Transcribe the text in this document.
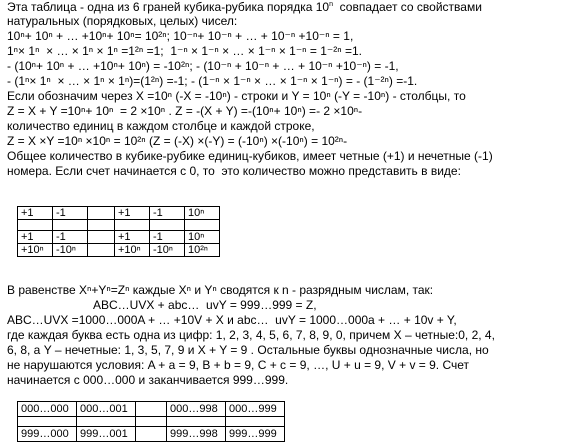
Эта таблица - одна из 6 граней кубика-рубика порядка 10$^n$  совпадает со свойствами
натуральных (порядковых, целых) чисел:
10ⁿ+ 10ⁿ + … +10ⁿ+ 10ⁿ= 10²ⁿ; 10⁻ⁿ+ 10⁻ⁿ + … + 10⁻ⁿ +10⁻ⁿ = 1,
1ⁿ× 1ⁿ  × … × 1ⁿ × 1ⁿ =1²ⁿ =1;  1⁻ⁿ × 1⁻ⁿ × … × 1⁻ⁿ × 1⁻ⁿ = 1⁻²ⁿ =1.
- (10ⁿ+ 10ⁿ + … +10ⁿ+ 10ⁿ) = -10²ⁿ; - (10⁻ⁿ + 10⁻ⁿ + … + 10⁻ⁿ +10⁻ⁿ) = -1,
- (1ⁿ× 1ⁿ  × … × 1ⁿ × 1ⁿ)=(1²ⁿ) =-1; - (1⁻ⁿ × 1⁻ⁿ × … × 1⁻ⁿ × 1⁻ⁿ) = - (1⁻²ⁿ) =-1.
Если обозначим через X =10ⁿ (-X = -10ⁿ) - строки и Y = 10ⁿ (-Y = -10ⁿ) - столбцы, то
Z = X + Y =10ⁿ+ 10ⁿ  = 2 ×10ⁿ . Z = -(X + Y) =-(10ⁿ+ 10ⁿ) =- 2 ×10ⁿ-
количество единиц в каждом столбце и каждой строке,
Z = X ×Y =10ⁿ ×10ⁿ = 10²ⁿ (Z = (-X) ×(-Y) = (-10ⁿ) ×(-10ⁿ) = 10²ⁿ-
Общее количество в кубике-рубике единиц-кубиков, имеет четные (+1) и нечетные (-1)
номера. Если счет начинается с 0, то  это количество можно представить в виде:
+1	-1		+1	-1	10ⁿ

+1	-1		+1	-1	10ⁿ
+10ⁿ	-10ⁿ		+10ⁿ	-10ⁿ	10²ⁿ
В равенстве Xⁿ+Yⁿ=Zⁿ каждые Xⁿ и Yⁿ сводятся к n - разрядным числам, так:
ABC…UVX + abc…  uvY = 999…999 = Z,
ABC…UVX =1000…000A + … +10V + X и abc…  uvY = 1000…000a + … + 10v + Y,
где каждая буква есть одна из цифр: 1, 2, 3, 4, 5, 6, 7, 8, 9, 0, причем X – четные:0, 2, 4,
6, 8, а Y – нечетные: 1, 3, 5, 7, 9 и X + Y = 9 . Остальные буквы однозначные числа, но
не нарушаются условия: A + a = 9, B + b = 9, C + c = 9, …, U + u = 9, V + v = 9. Счет
начинается с 000…000 и заканчивается 999…999.
000…000	000…001		000…998	000…999

999…000	999…001		999…998	999…999
